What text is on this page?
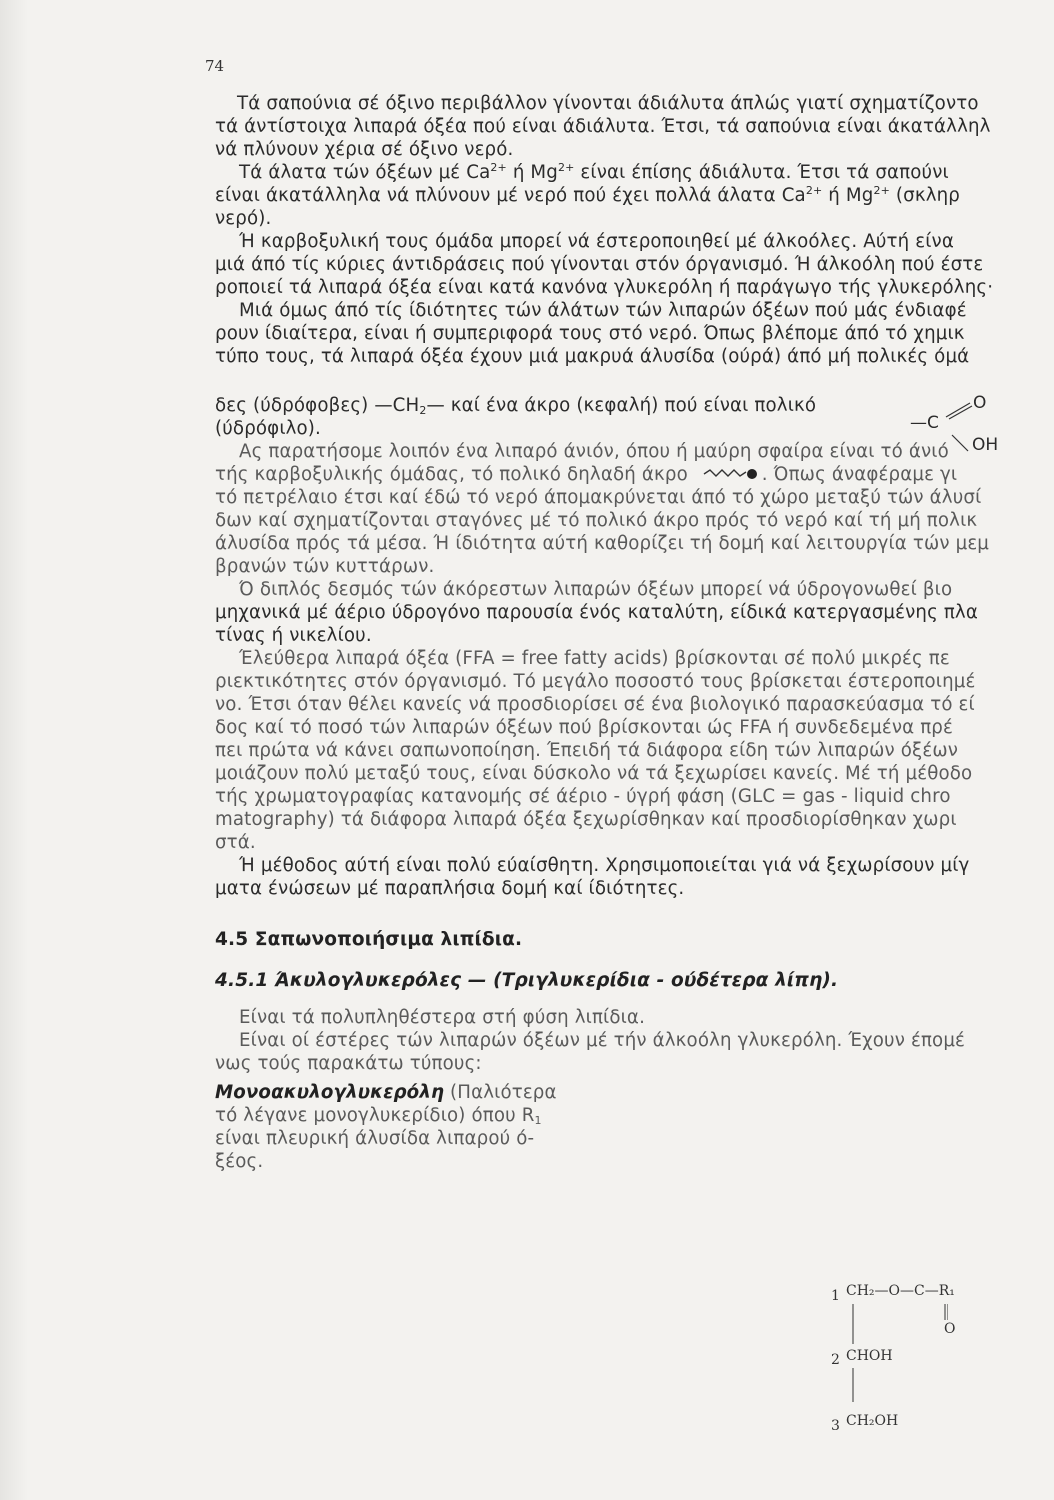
74
Τά σαπούνια σέ όξινο περιβάλλον γίνονται άδιάλυτα άπλώς γιατί σχηματίζοντο
τά άντίστοιχα λιπαρά όξέα πού είναι άδιάλυτα. Έτσι, τά σαπούνια είναι άκατάλληλ
νά πλύνουν χέρια σέ όξινο νερό.
Τά άλατα τών όξέων μέ $Ca^{2+}$ ή $Mg^{2+}$ είναι έπίσης άδιάλυτα. Έτσι τά σαπούνι
είναι άκατάλληλα νά πλύνουν μέ νερό πού έχει πολλά άλατα $Ca^{2+}$ ή $Mg^{2+}$ (σκληρ
νερό).
Ή καρβοξυλική τους όμάδα μπορεί νά έστεροποιηθεί μέ άλκοόλες. Αύτή είνα
μιά άπό τίς κύριες άντιδράσεις πού γίνονται στόν όργανισμό. Ή άλκοόλη πού έστε
ροποιεί τά λιπαρά όξέα είναι κατά κανόνα γλυκερόλη ή παράγωγο τής γλυκερόλης·
Μιά όμως άπό τίς ίδιότητες τών άλάτων τών λιπαρών όξέων πού μάς ένδιαφέ
ρουν ίδιαίτερα, είναι ή συμπεριφορά τους στό νερό. Όπως βλέπομε άπό τό χημικ
τύπο τους, τά λιπαρά όξέα έχουν μιά μακρυά άλυσίδα (ούρά) άπό μή πολικές όμά
δες (ύδρόφοβες) $—CH_2—$ καί ένα άκρο (κεφαλή) πού είναι πολικό
(ύδρόφιλο).
Ας παρατήσομε λοιπόν ένα λιπαρό άνιόν, όπου ή μαύρη σφαίρα είναι τό άνιό
τής καρβοξυλικής όμάδας, τό πολικό δηλαδή άκρο	. Όπως άναφέραμε γι
τό πετρέλαιο έτσι καί έδώ τό νερό άπομακρύνεται άπό τό χώρο μεταξύ τών άλυσί
δων καί σχηματίζονται σταγόνες μέ τό πολικό άκρο πρός τό νερό καί τή μή πολικ
άλυσίδα πρός τά μέσα. Ή ίδιότητα αύτή καθορίζει τή δομή καί λειτουργία τών μεμ
βρανών τών κυττάρων.
Ό διπλός δεσμός τών άκόρεστων λιπαρών όξέων μπορεί νά ύδρογονωθεί βιο
μηχανικά μέ άέριο ύδρογόνο παρουσία ένός καταλύτη, είδικά κατεργασμένης πλα
τίνας ή νικελίου.
Έλεύθερα λιπαρά όξέα (FFA = free fatty acids) βρίσκονται σέ πολύ μικρές πε
ριεκτικότητες στόν όργανισμό. Τό μεγάλο ποσοστό τους βρίσκεται έστεροποιημέ
νο. Έτσι όταν θέλει κανείς νά προσδιορίσει σέ ένα βιολογικό παρασκεύασμα τό εί
δος καί τό ποσό τών λιπαρών όξέων πού βρίσκονται ώς FFA ή συνδεδεμένα πρέ
πει πρώτα νά κάνει σαπωνοποίηση. Έπειδή τά διάφορα είδη τών λιπαρών όξέων
μοιάζουν πολύ μεταξύ τους, είναι δύσκολο νά τά ξεχωρίσει κανείς. Μέ τή μέθοδο
τής χρωματογραφίας κατανομής σέ άέριο - ύγρή φάση (GLC = gas - liquid chro
matography) τά διάφορα λιπαρά όξέα ξεχωρίσθηκαν καί προσδιορίσθηκαν χωρι
στά.
Ή μέθοδος αύτή είναι πολύ εύαίσθητη. Χρησιμοποιείται γιά νά ξεχωρίσουν μίγ
ματα ένώσεων μέ παραπλήσια δομή καί ίδιότητες.
4.5 Σαπωνοποιήσιμα λιπίδια.
4.5.1 Άκυλογλυκερόλες — (Τριγλυκερίδια - ούδέτερα λίπη).
Είναι τά πολυπληθέστερα στή φύση λιπίδια.
Είναι οί έστέρες τών λιπαρών όξέων μέ τήν άλκοόλη γλυκερόλη. Έχουν έπομέ
νως τούς παρακάτω τύπους:
Μονοακυλογλυκερόλη (Παλιότερα
τό λέγανε μονογλυκερίδιο) όπου $R_1$
είναι πλευρική άλυσίδα λιπαρού ό-
ξέος.
O
—C
OH
1 CH₂—O—C—R₁
O
2 CHOH
3 CH₂OH
